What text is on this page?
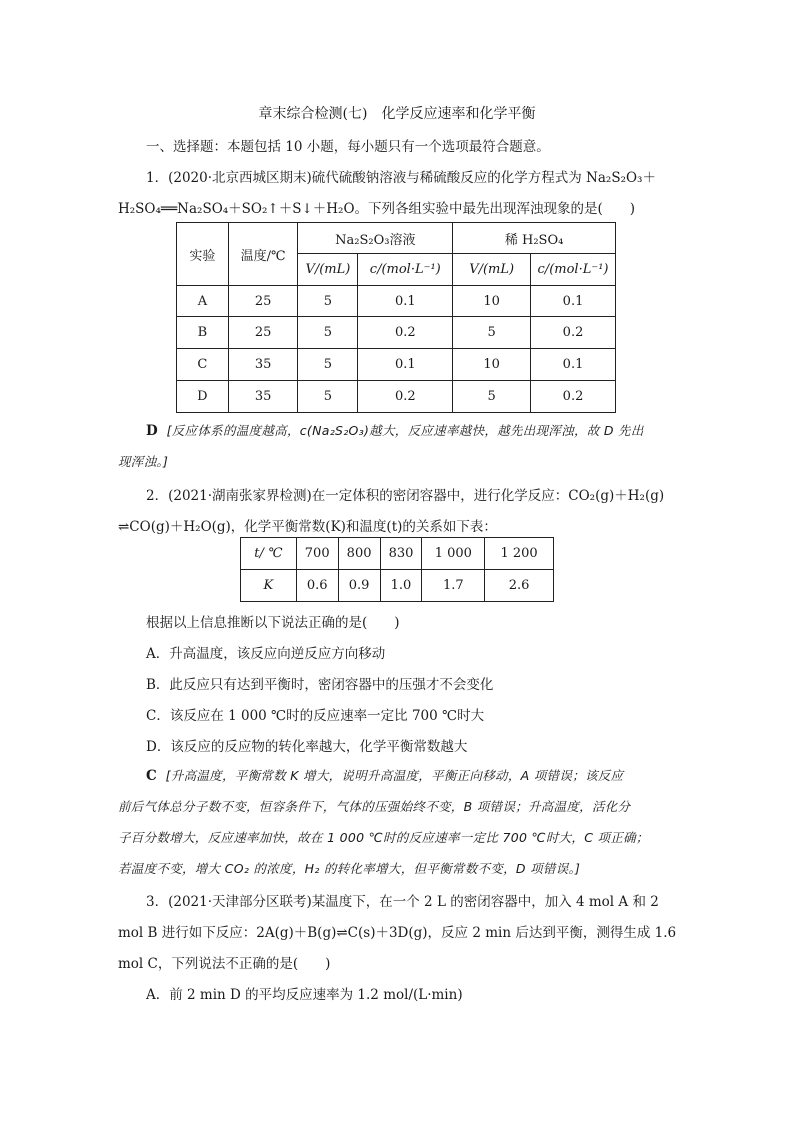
章末综合检测(七)　化学反应速率和化学平衡
一、选择题：本题包括 10 小题，每小题只有一个选项最符合题意。
1．(2020·北京西城区期末)硫代硫酸钠溶液与稀硫酸反应的化学方程式为 Na₂S₂O₃＋
H₂SO₄══Na₂SO₄＋SO₂↑＋S↓＋H₂O。下列各组实验中最先出现浑浊现象的是(　　)
实验	温度/℃	Na₂S₂O₃溶液		稀 H₂SO₄	
		V/(mL)	c/(mol·L⁻¹)	V/(mL)	c/(mol·L⁻¹)
A	25	5	0.1	10	0.1
B	25	5	0.2	5	0.2
C	35	5	0.1	10	0.1
D	35	5	0.2	5	0.2
D [反应体系的温度越高，c(Na₂S₂O₃)越大，反应速率越快，越先出现浑浊，故 D 先出
现浑浊。]
2．(2021·湖南张家界检测)在一定体积的密闭容器中，进行化学反应：CO₂(g)＋H₂(g)
⇌CO(g)＋H₂O(g)，化学平衡常数(K)和温度(t)的关系如下表：
t/ ℃	700	800	830	1 000	1 200
K	0.6	0.9	1.0	1.7	2.6
根据以上信息推断以下说法正确的是(　　)
A．升高温度，该反应向逆反应方向移动
B．此反应只有达到平衡时，密闭容器中的压强才不会变化
C．该反应在 1 000 ℃时的反应速率一定比 700 ℃时大
D．该反应的反应物的转化率越大，化学平衡常数越大
C [升高温度，平衡常数 K 增大，说明升高温度，平衡正向移动，A 项错误；该反应
前后气体总分子数不变，恒容条件下，气体的压强始终不变，B 项错误；升高温度，活化分
子百分数增大，反应速率加快，故在 1 000 ℃时的反应速率一定比 700 ℃时大，C 项正确；
若温度不变，增大 CO₂ 的浓度，H₂ 的转化率增大，但平衡常数不变，D 项错误。]
3．(2021·天津部分区联考)某温度下，在一个 2 L 的密闭容器中，加入 4 mol A 和 2
mol B 进行如下反应：2A(g)＋B(g)⇌C(s)＋3D(g)，反应 2 min 后达到平衡，测得生成 1.6
mol C，下列说法不正确的是(　　)
A．前 2 min D 的平均反应速率为 1.2 mol/(L·min)
